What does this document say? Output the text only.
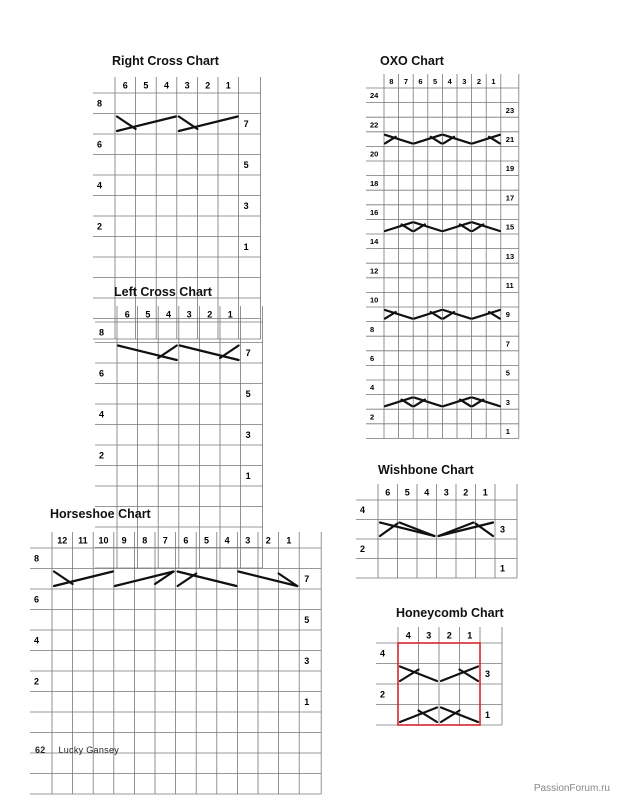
Right Cross Chart
6 5 4 3 2 1
8
6
4
2
7
5
3
1
Left Cross Chart
6 5 4 3 2 1
8
6
4
2
7
5
3
1
Horseshoe Chart
12 11 10 9 8 7 6 5 4 3 2 1
8
6
4
2
7
5
3
1
OXO Chart
8 7 6 5 4 3 2 1
24
22
20
18
16
14
12
10
8
6
4
2
23
21
19
17
15
13
11
9
7
5
3
1
Wishbone Chart
6 5 4 3 2 1
4
2
3
1
Honeycomb Chart
4 3 2 1
4
2
3
1
62 Lucky Gansey
PassionForum.ru
